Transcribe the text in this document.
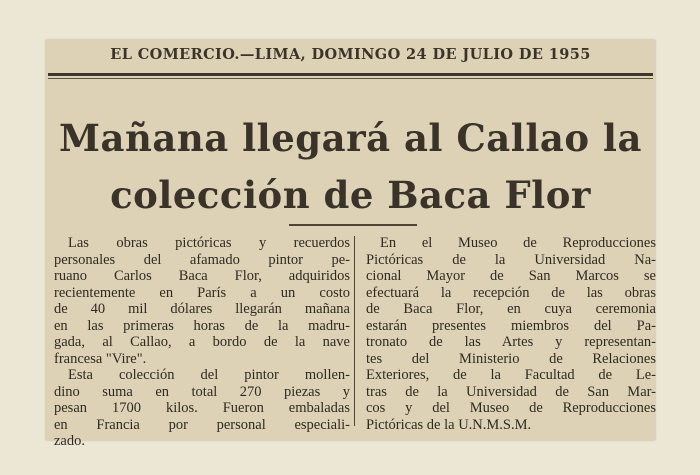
EL COMERCIO.—LIMA, DOMINGO 24 DE JULIO DE 1955
Mañana llegará al Callao la
colección de Baca Flor
Las obras pictóricas y recuerdos
personales del afamado pintor pe-
ruano Carlos Baca Flor, adquiridos
recientemente en París a un costo
de 40 mil dólares llegarán mañana
en las primeras horas de la madru-
gada, al Callao, a bordo de la nave
francesa "Vire".
Esta colección del pintor mollen-
dino suma en total 270 piezas y
pesan 1700 kilos. Fueron embaladas
en Francia por personal especiali-
zado.
En el Museo de Reproducciones
Pictóricas de la Universidad Na-
cional Mayor de San Marcos se
efectuará la recepción de las obras
de Baca Flor, en cuya ceremonia
estarán presentes miembros del Pa-
tronato de las Artes y representan-
tes del Ministerio de Relaciones
Exteriores, de la Facultad de Le-
tras de la Universidad de San Mar-
cos y del Museo de Reproducciones
Pictóricas de la U.N.M.S.M.
